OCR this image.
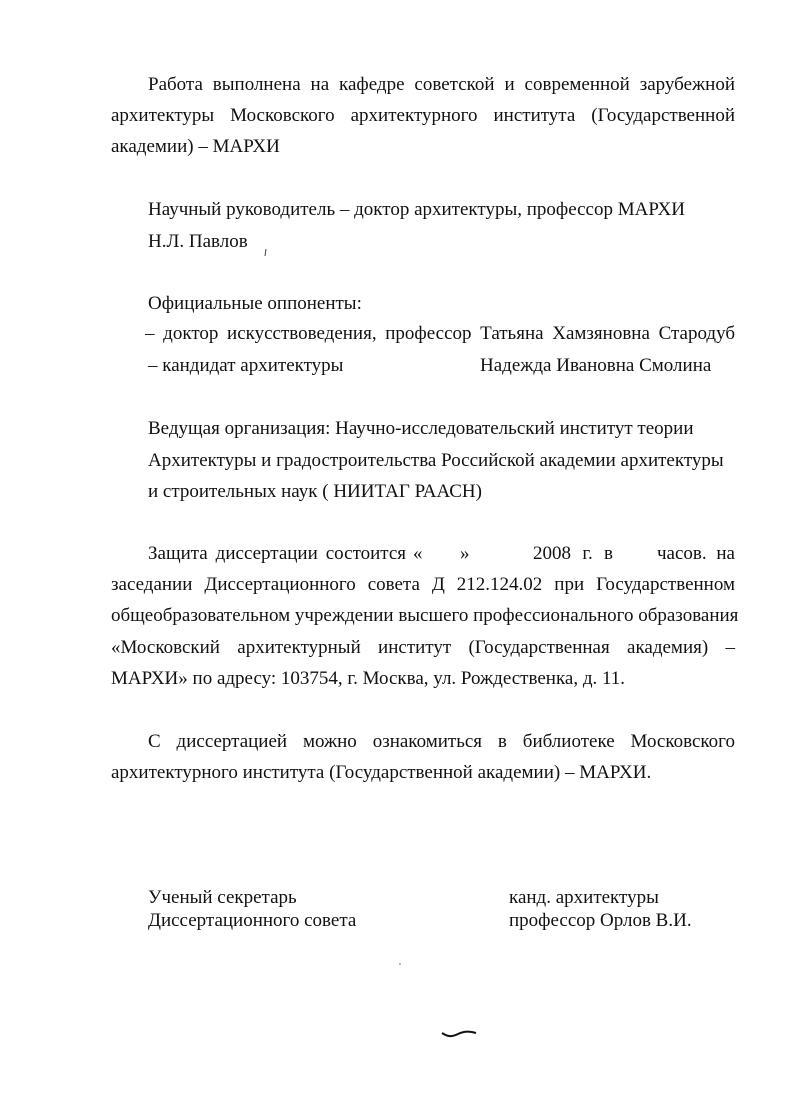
Работа выполнена на кафедре советской и современной зарубежной
архитектуры Московского архитектурного института (Государственной
академии) – МАРХИ
Научный руководитель – доктор архитектуры, профессор МАРХИ
Н.Л. Павлов
Официальные оппоненты:
– доктор искусствоведения, профессор Татьяна Хамзяновна Стародуб
– кандидат архитектуры	Надежда Ивановна Смолина
Ведущая организация: Научно-исследовательский институт теории
Архитектуры и градостроительства Российской академии архитектуры
и строительных наук ( НИИТАГ РААСН)
Защита диссертации состоится « »	2008 г. в часов. на
заседании Диссертационного совета Д 212.124.02 при Государственном
общеобразовательном учреждении высшего профессионального образования
«Московский архитектурный институт (Государственная академия) –
МАРХИ» по адресу: 103754, г. Москва, ул. Рождественка, д. 11.
С диссертацией можно ознакомиться в библиотеке Московского
архитектурного института (Государственной академии) – МАРХИ.
Ученый секретарь
Диссертационного совета
канд. архитектуры
профессор Орлов В.И.
